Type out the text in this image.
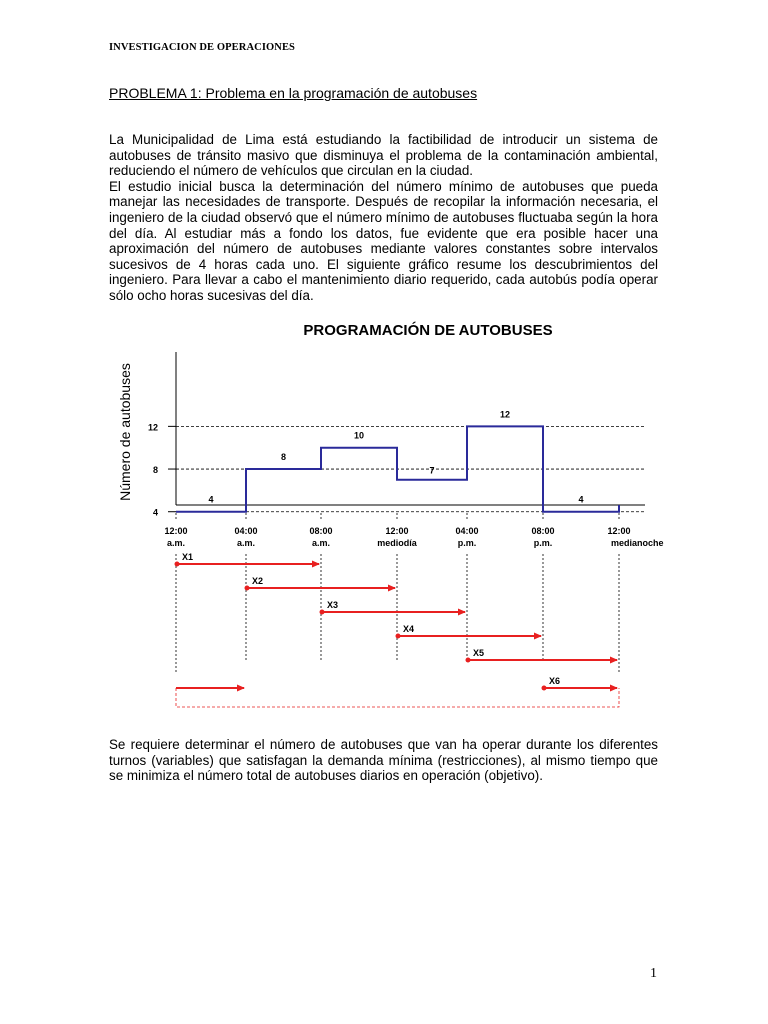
INVESTIGACION DE OPERACIONES
PROBLEMA 1: Problema en la programación de autobuses

La Municipalidad de Lima está estudiando la factibilidad de introducir un sistema de autobuses de tránsito masivo que disminuya el problema de la contaminación ambiental, reduciendo el número de vehículos que circulan en la ciudad.

El estudio inicial busca la determinación del número mínimo de autobuses que pueda manejar las necesidades de transporte. Después de recopilar la información necesaria, el ingeniero de la ciudad observó que el número mínimo de autobuses fluctuaba según la hora del día. Al estudiar más a fondo los datos, fue evidente que era posible hacer una aproximación del número de autobuses mediante valores constantes sobre intervalos sucesivos de 4 horas cada uno. El siguiente gráfico resume los descubrimientos del ingeniero. Para llevar a cabo el mantenimiento diario requerido, cada autobús podía operar sólo ocho horas sucesivas del día.

PROGRAMACIÓN DE AUTOBUSES
Número de autobuses	4
8
10
7
12
4
4
8
12
12:00
a.m.
04:00
a.m.
08:00
a.m.
12:00
mediodía
04:00
p.m.
08:00
p.m.
12:00
medianoche
X1
X2
X3
X4
X5
X6
Se requiere determinar el número de autobuses que van ha operar durante los diferentes turnos (variables) que satisfagan la demanda mínima (restricciones), al mismo tiempo que se minimiza el número total de autobuses diarios en operación (objetivo).
1
